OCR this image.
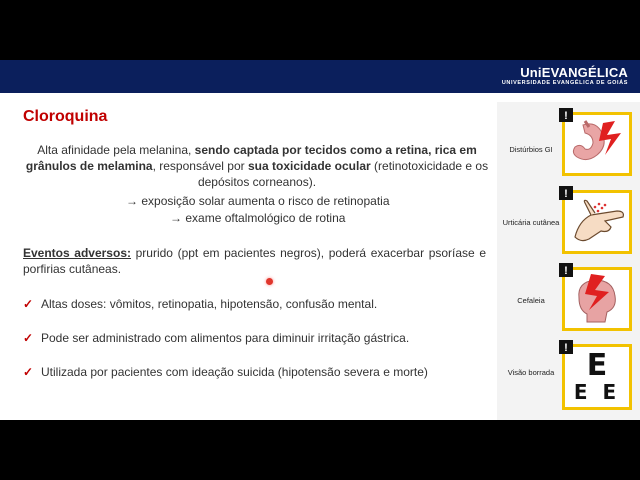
UniEVANGÉLICA
UNIVERSIDADE EVANGÉLICA DE GOIÁS
Cloroquina
Alta afinidade pela melanina, sendo captada por tecidos como a retina, rica em grânulos de melamina, responsável por sua toxicidade ocular (retinotoxicidade e os depósitos corneanos).
→ exposição solar aumenta o risco de retinopatia
→ exame oftalmológico de rotina
Eventos adversos: prurido (ppt em pacientes negros), poderá exacerbar psoríase e porfirias cutâneas.
✓ Altas doses: vômitos, retinopatia, hipotensão, confusão mental.
✓ Pode ser administrado com alimentos para diminuir irritação gástrica.
✓ Utilizada por pacientes com ideação suicida (hipotensão severa e morte)
Distúrbios GI
!
Urticária cutânea
!
Cefaleia
!
Visão borrada
! E
E E
